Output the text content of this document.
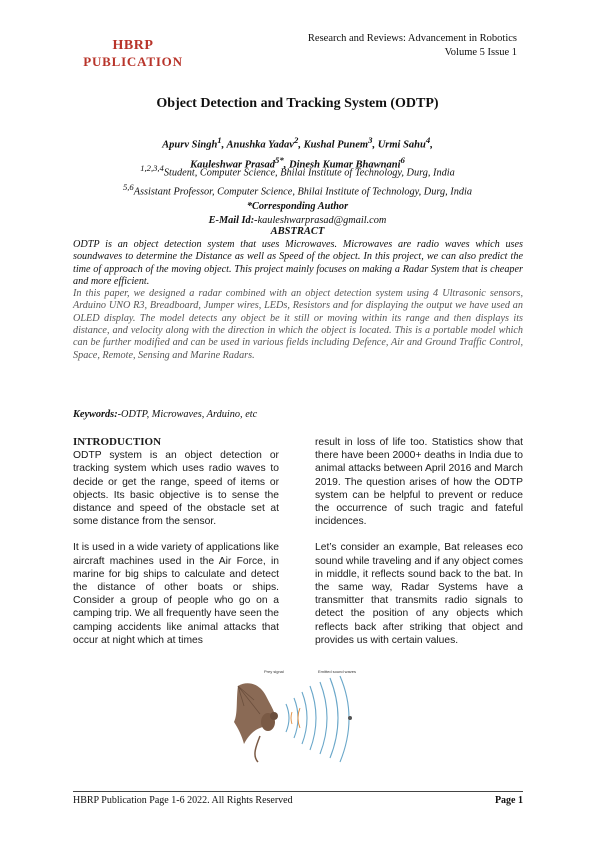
HBRP
PUBLICATION
Research and Reviews: Advancement in Robotics
Volume 5 Issue 1
Object Detection and Tracking System (ODTP)
Apurv Singh$^1$, Anushka Yadav$^2$, Kushal Punem$^3$, Urmi Sahu$^4$,
Kauleshwar Prasad$^{5*}$, Dinesh Kumar Bhawnani$^6$
$^{1,2,3,4}$Student, Computer Science, Bhilai Institute of Technology, Durg, India
$^{5,6}$Assistant Professor, Computer Science, Bhilai Institute of Technology, Durg, India
*Corresponding Author
E-Mail Id:-kauleshwarprasad@gmail.com
ABSTRACT

ODTP is an object detection system that uses Microwaves. Microwaves are radio waves which uses soundwaves to determine the Distance as well as Speed of the object. In this project, we can also predict the time of approach of the moving object. This project mainly focuses on making a Radar System that is cheaper and more efficient.

In this paper, we designed a radar combined with an object detection system using 4 Ultrasonic sensors, Arduino UNO R3, Breadboard, Jumper wires, LEDs, Resistors and for displaying the output we have used an OLED display. The model detects any object be it still or moving within its range and then displays its distance, and velocity along with the direction in which the object is located. This is a portable model which can be further modified and can be used in various fields including Defence, Air and Ground Traffic Control, Space, Remote, Sensing and Marine Radars.

Keywords:-ODTP, Microwaves, Arduino, etc
INTRODUCTION

ODTP system is an object detection or tracking system which uses radio waves to decide or get the range, speed of items or objects. Its basic objective is to sense the distance and speed of the obstacle set at some distance from the sensor.

It is used in a wide variety of applications like aircraft machines used in the Air Force, in marine for big ships to calculate and detect the distance of other boats or ships. Consider a group of people who go on a camping trip. We all frequently have seen the camping accidents like animal attacks that occur at night which at times

result in loss of life too. Statistics show that there have been 2000+ deaths in India due to animal attacks between April 2016 and March 2019. The question arises of how the ODTP system can be helpful to prevent or reduce the occurrence of such tragic and fateful incidences.

Let’s consider an example, Bat releases eco sound while traveling and if any object comes in middle, it reflects sound back to the bat. In the same way, Radar Systems have a transmitter that transmits radio signals to detect the position of any objects which reflects back after striking that object and provides us with certain values.

Prey signal	Emitted sound waves
HBRP Publication Page 1-6 2022. All Rights Reserved	Page 1
